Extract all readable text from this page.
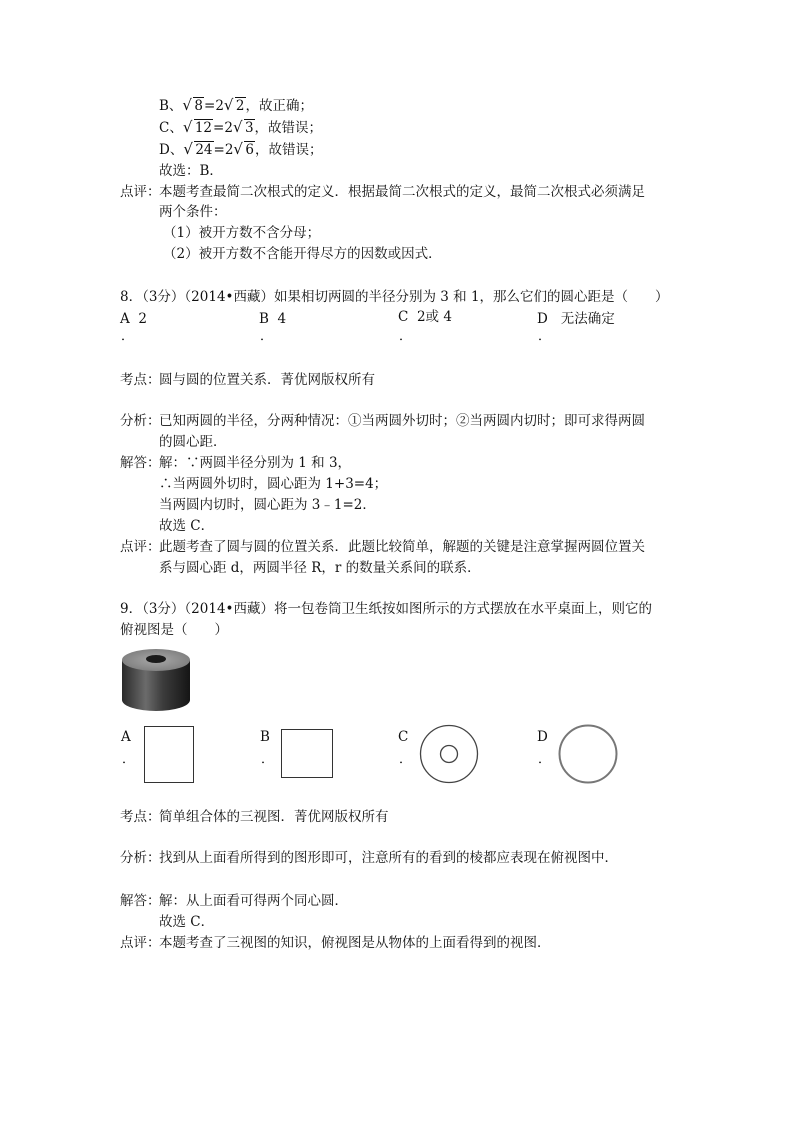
B、 √ 8=2 √ 2，故正确；
C、 √ 12=2 √ 3，故错误；
D、 √ 24=2 √ 6，故错误；
故选：B．
点评：
本题考查最简二次根式的定义．根据最简二次根式的定义，最简二次根式必须满足
两个条件：
（1）被开方数不含分母；
（2）被开方数不含能开得尽方的因数或因式．
8．（3分）（2014•西藏）如果相切两圆的半径分别为 3 和 1，那么它们的圆心距是（　　）
A 2
．
B 4
．
C 2或 4
．
D 无法确定
．
考点：
圆与圆的位置关系．菁优网版权所有
分析：
已知两圆的半径，分两种情况：①当两圆外切时；②当两圆内切时；即可求得两圆
的圆心距．
解答：
解：∵两圆半径分别为 1 和 3，
∴当两圆外切时，圆心距为 1+3=4；
当两圆内切时，圆心距为 3﹣1=2．
故选 C．
点评：
此题考查了圆与圆的位置关系．此题比较简单，解题的关键是注意掌握两圆位置关
系与圆心距 d，两圆半径 R，r 的数量关系间的联系．
9．（3分）（2014•西藏）将一包卷筒卫生纸按如图所示的方式摆放在水平桌面上，则它的
俯视图是（　　）
A
．
B
．
C
．
D
．
考点：
简单组合体的三视图．菁优网版权所有
分析：
找到从上面看所得到的图形即可，注意所有的看到的棱都应表现在俯视图中．
解答：
解：从上面看可得两个同心圆．
故选 C．
点评：
本题考查了三视图的知识，俯视图是从物体的上面看得到的视图．
